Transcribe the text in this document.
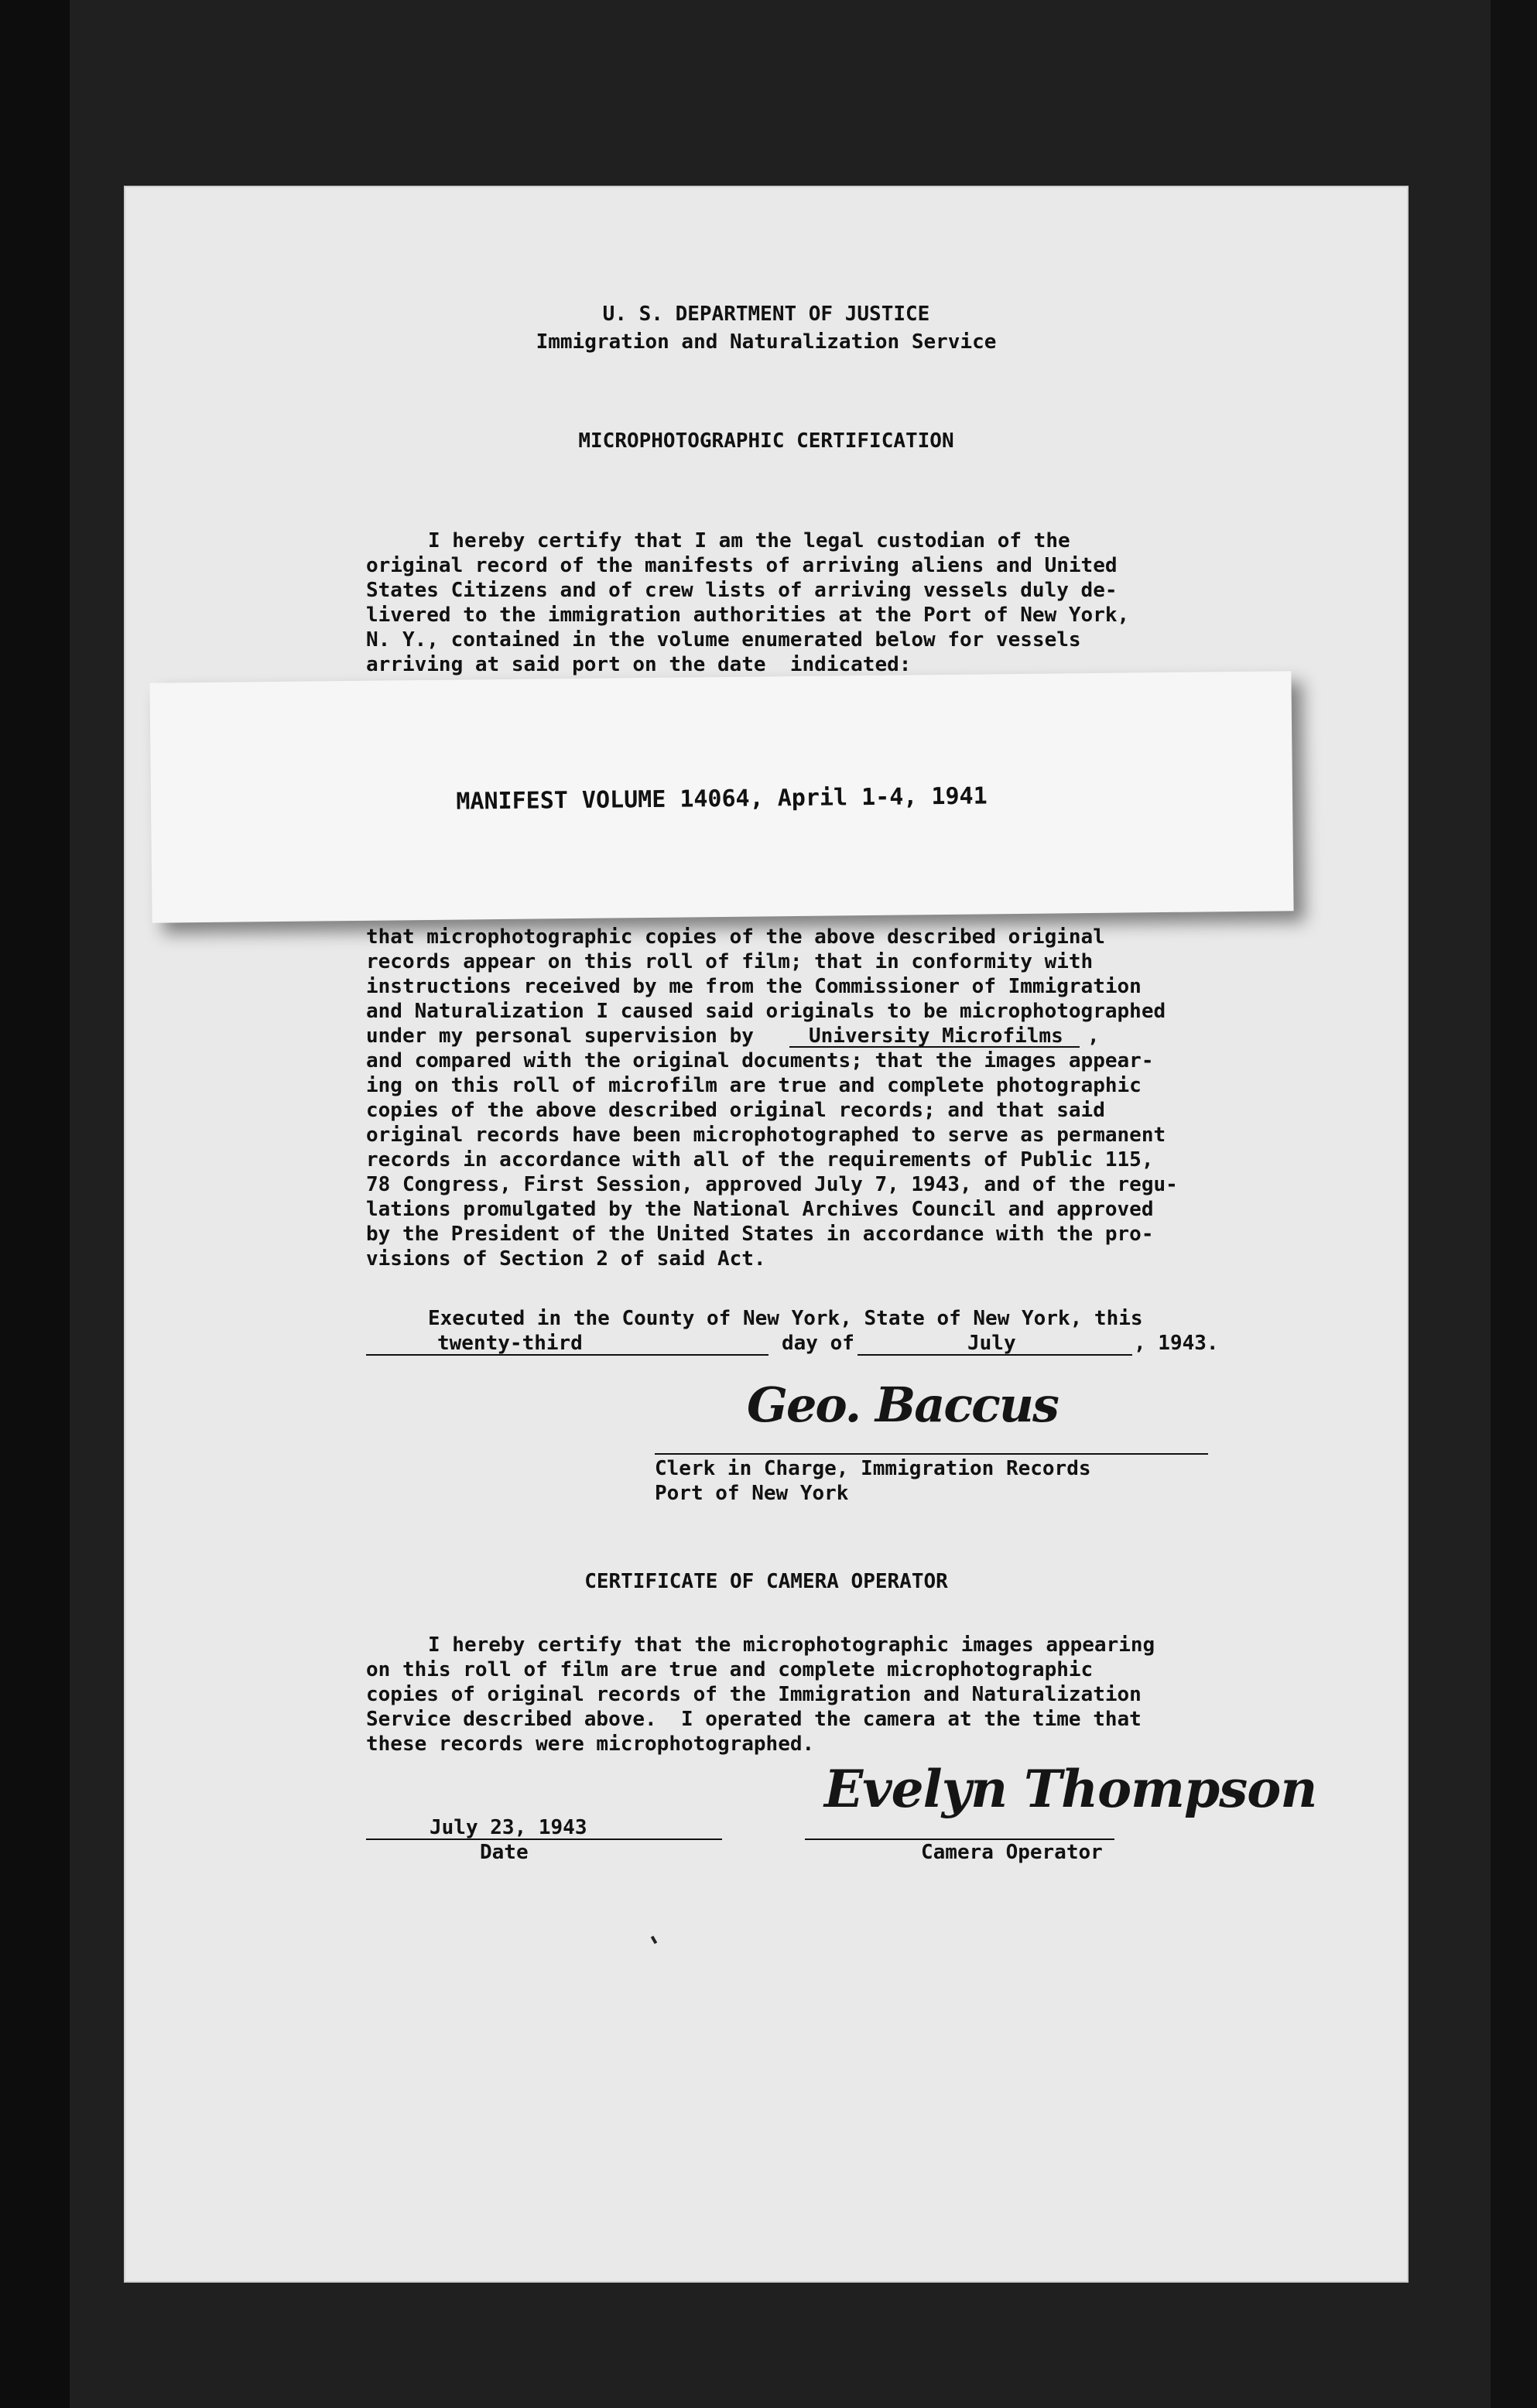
U. S. DEPARTMENT OF JUSTICE
Immigration and Naturalization Service
MICROPHOTOGRAPHIC CERTIFICATION
I hereby certify that I am the legal custodian of the
original record of the manifests of arriving aliens and United
States Citizens and of crew lists of arriving vessels duly de-
livered to the immigration authorities at the Port of New York,
N. Y., contained in the volume enumerated below for vessels
arriving at said port on the date  indicated:
that microphotographic copies of the above described original
records appear on this roll of film; that in conformity with
instructions received by me from the Commissioner of Immigration
and Naturalization I caused said originals to be microphotographed
under my personal supervision by	University Microfilms ,
and compared with the original documents; that the images appear-
ing on this roll of microfilm are true and complete photographic
copies of the above described original records; and that said
original records have been microphotographed to serve as permanent
records in accordance with all of the requirements of Public 115,
78 Congress, First Session, approved July 7, 1943, and of the regu-
lations promulgated by the National Archives Council and approved
by the President of the United States in accordance with the pro-
visions of Section 2 of said Act.
Executed in the County of New York, State of New York, this
twenty-third	day of	July	, 1943.
Geo. Baccus
Clerk in Charge, Immigration Records
Port of New York
CERTIFICATE OF CAMERA OPERATOR
I hereby certify that the microphotographic images appearing
on this roll of film are true and complete microphotographic
copies of original records of the Immigration and Naturalization
Service described above.  I operated the camera at the time that
these records were microphotographed.
July 23, 1943
Date
Evelyn Thompson
Camera Operator
MANIFEST VOLUME 14064, April 1-4, 1941
